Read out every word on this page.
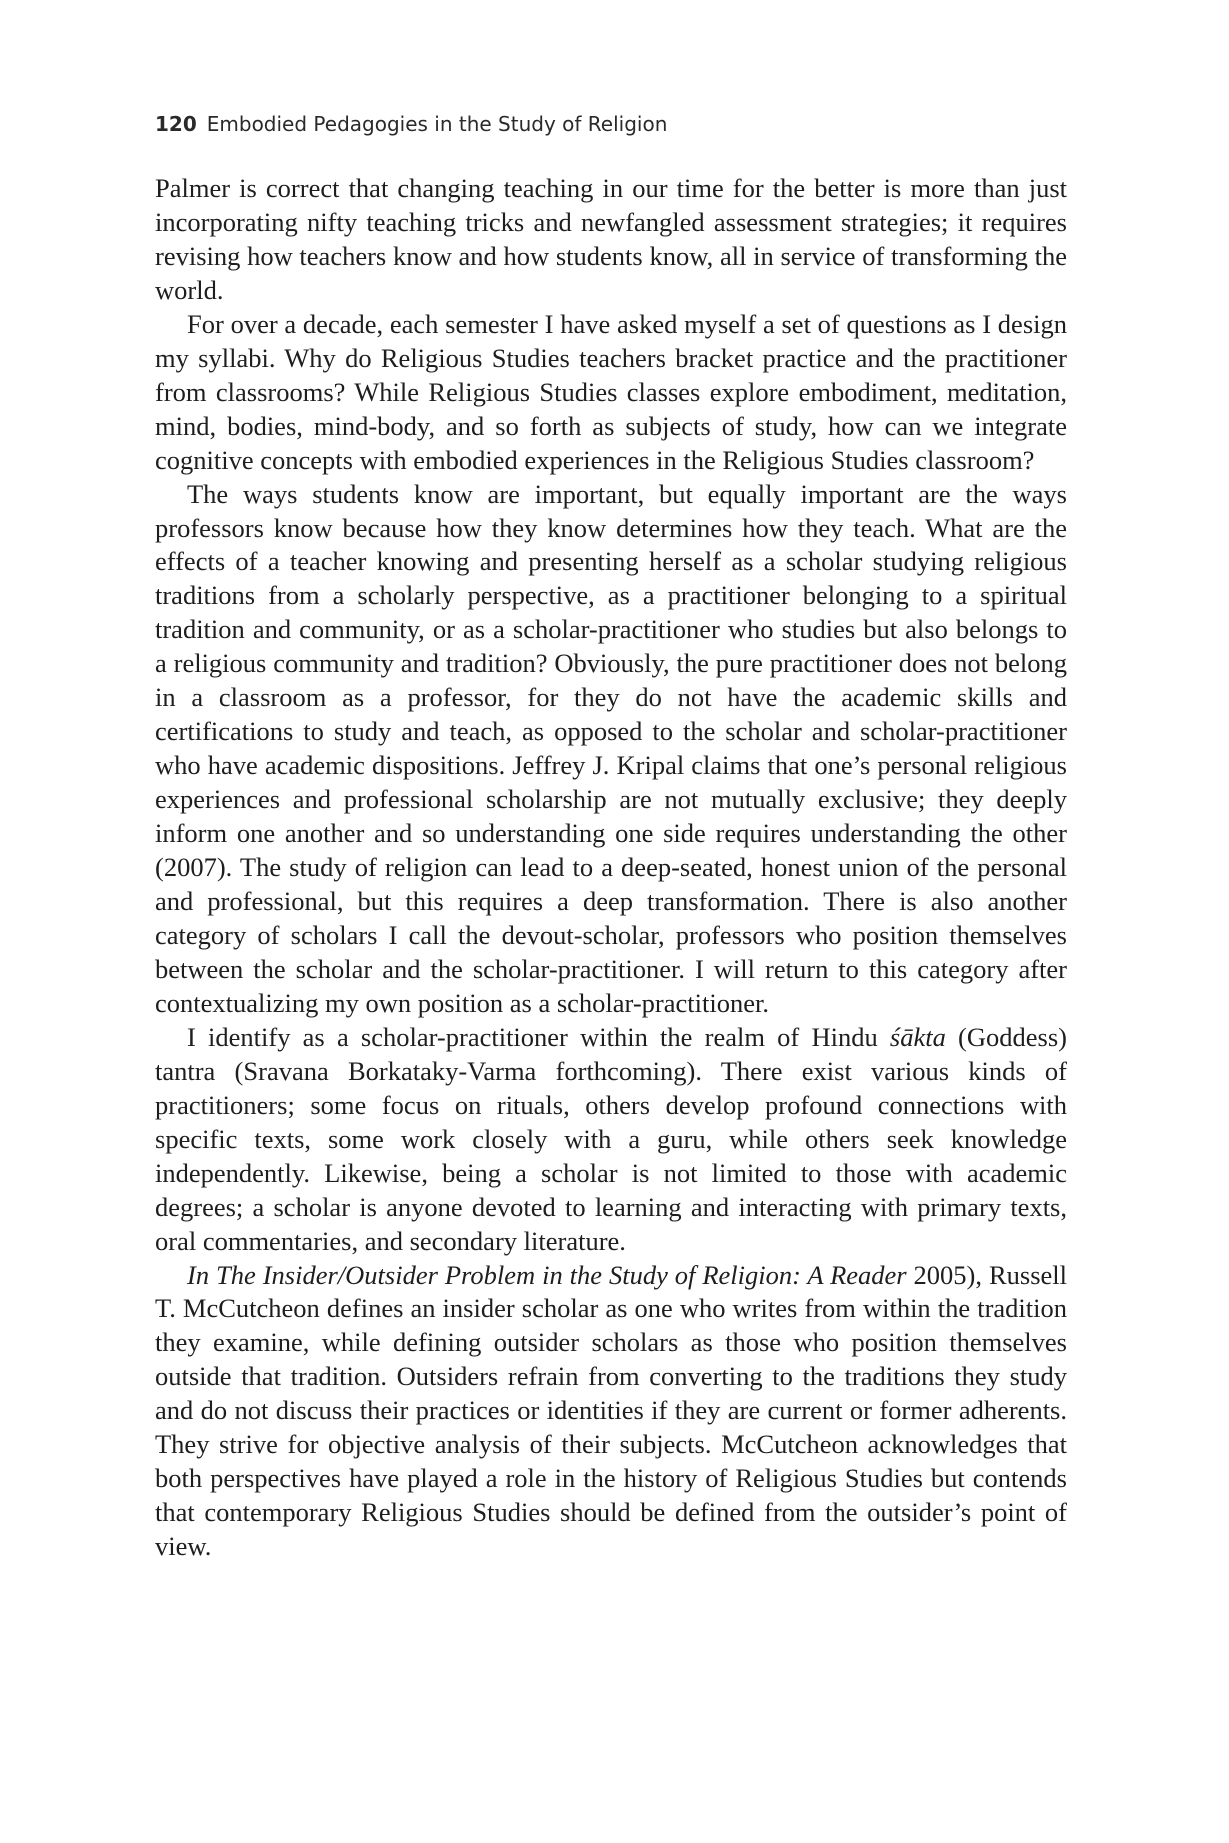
120 Embodied Pedagogies in the Study of Religion

Palmer is correct that changing teaching in our time for the better is more than just incorporating nifty teaching tricks and newfangled assessment strategies; it requires revising how teachers know and how students know, all in service of transforming the world.

For over a decade, each semester I have asked myself a set of questions as I design my syllabi. Why do Religious Studies teachers bracket practice and the practitioner from classrooms? While Religious Studies classes explore embodiment, meditation, mind, bodies, mind-body, and so forth as subjects of study, how can we integrate cognitive concepts with embodied experiences in the Religious Studies classroom?

The ways students know are important, but equally important are the ways professors know because how they know determines how they teach. What are the effects of a teacher knowing and presenting herself as a scholar studying religious traditions from a scholarly perspective, as a practitioner belonging to a spiritual tradition and community, or as a scholar-practitioner who studies but also belongs to a religious community and tradition? Obviously, the pure practitioner does not belong in a classroom as a professor, for they do not have the academic skills and certifications to study and teach, as opposed to the scholar and scholar-practitioner who have academic dispositions. Jeffrey J. Kripal claims that one’s personal religious experiences and professional scholarship are not mutually exclusive; they deeply inform one another and so understanding one side requires understanding the other (2007). The study of religion can lead to a deep-seated, honest union of the personal and professional, but this requires a deep transformation. There is also another category of scholars I call the devout-scholar, professors who position themselves between the scholar and the scholar-practitioner. I will return to this category after contextualizing my own position as a scholar-practitioner.

I identify as a scholar-practitioner within the realm of Hindu śākta (Goddess) tantra (Sravana Borkataky-Varma forthcoming). There exist various kinds of practitioners; some focus on rituals, others develop profound connections with specific texts, some work closely with a guru, while others seek knowledge independently. Likewise, being a scholar is not limited to those with academic degrees; a scholar is anyone devoted to learning and interacting with primary texts, oral commentaries, and secondary literature.

In The Insider/Outsider Problem in the Study of Religion: A Reader 2005), Russell T. McCutcheon defines an insider scholar as one who writes from within the tradition they examine, while defining outsider scholars as those who position themselves outside that tradition. Outsiders refrain from converting to the traditions they study and do not discuss their practices or identities if they are current or former adherents. They strive for objective analysis of their subjects. McCutcheon acknowledges that both perspectives have played a role in the history of Religious Studies but contends that contemporary Religious Studies should be defined from the outsider’s point of view.
